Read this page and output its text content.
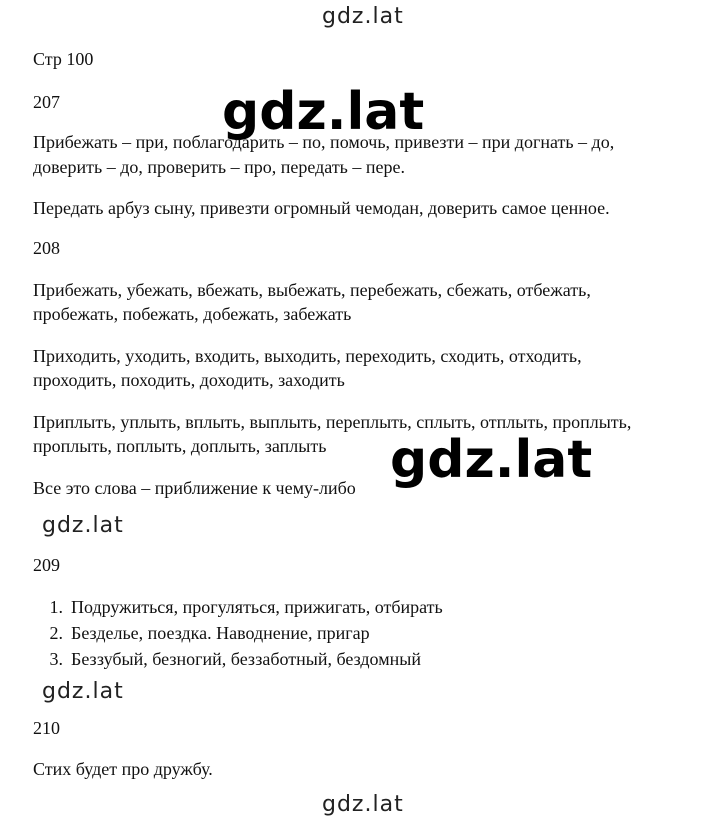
gdz.lat

Стр 100

207	gdz.lat

Прибежать – при, поблагодарить – по, помочь, привезти – при догнать – до,

доверить – до, проверить – про, передать – пере.

Передать арбуз сыну, привезти огромный чемодан, доверить самое ценное.

208

Прибежать, убежать, вбежать, выбежать, перебежать, сбежать, отбежать,

пробежать, побежать, добежать, забежать

Приходить, уходить, входить, выходить, переходить, сходить, отходить,

проходить, походить, доходить, заходить

Приплыть, уплыть, вплыть, выплыть, переплыть, сплыть, отплыть, проплыть,

проплыть, поплыть, доплыть, заплыть gdz.lat

Все это слова – приближение к чему-либо

gdz.lat

209

1. Подружиться, прогуляться, прижигать, отбирать
2. Безделье, поездка. Наводнение, пригар
3. Беззубый, безногий, беззаботный, бездомный
gdz.lat

210

Стих будет про дружбу.

gdz.lat
